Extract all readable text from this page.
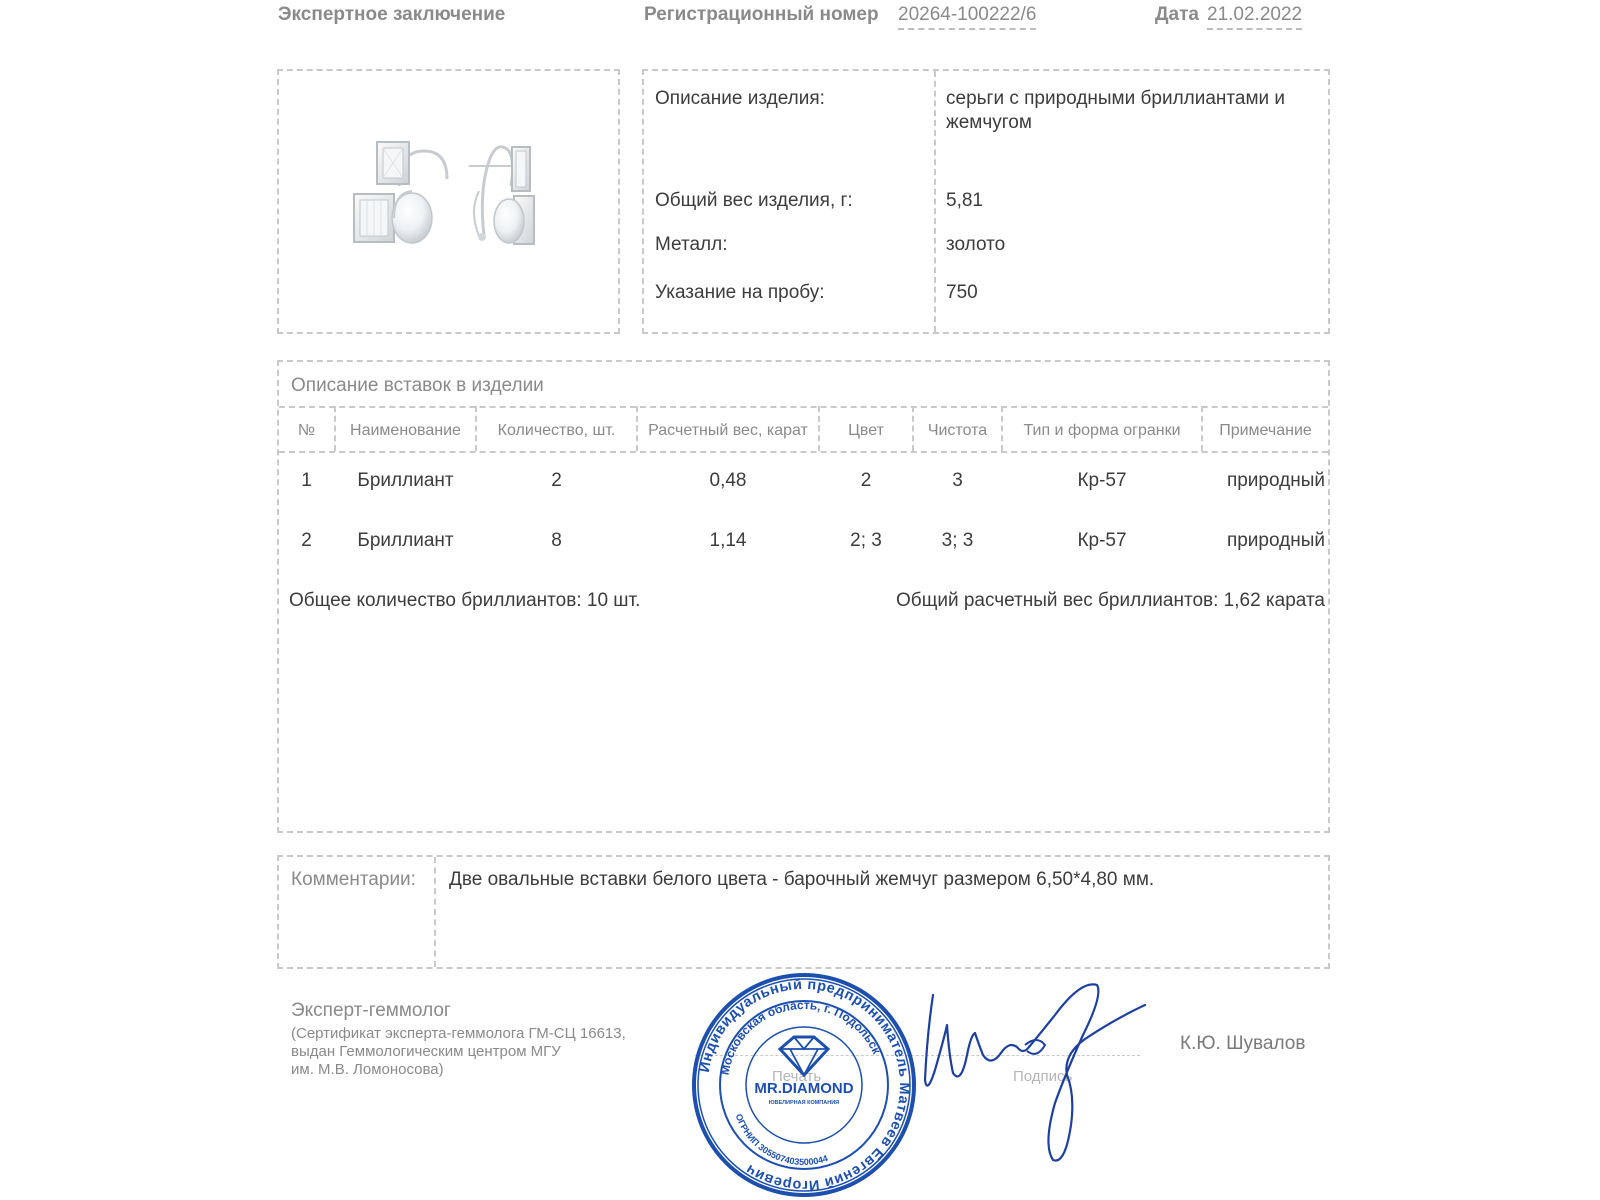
Экспертное заключение	Регистрационный номер 20264-100222/6	Дата 21.02.2022
Описание изделия:	серьги с природными бриллиантами и жемчугом
Общий вес изделия, г:	5,81
Металл:	золото
Указание на пробу:	750
Описание вставок в изделии
№	Наименование	Количество, шт.	Расчетный вес, карат	Цвет	Чистота	Тип и форма огранки	Примечание
1	Бриллиант	2	0,48	2	3	Кр-57	природный
2	Бриллиант	8	1,14	2; 3	3; 3	Кр-57	природный
Общее количество бриллиантов: 10 шт.	Общий расчетный вес бриллиантов: 1,62 карата
Комментарии: Две овальные вставки белого цвета - барочный жемчуг размером 6,50*4,80 мм.
Эксперт-геммолог
(Сертификат эксперта-геммолога ГМ-СЦ 16613,
выдан Геммологическим центром МГУ
им. М.В. Ломоносова)	Печать	Подпись
К.Ю. Шувалов
Индивидуальный предприниматель Матвеев Евгений Игоревич
Московская область, г. Подольск
ОГРНИП 305507403500044
MR.DIAMOND
ЮВЕЛИРНАЯ КОМПАНИЯ
